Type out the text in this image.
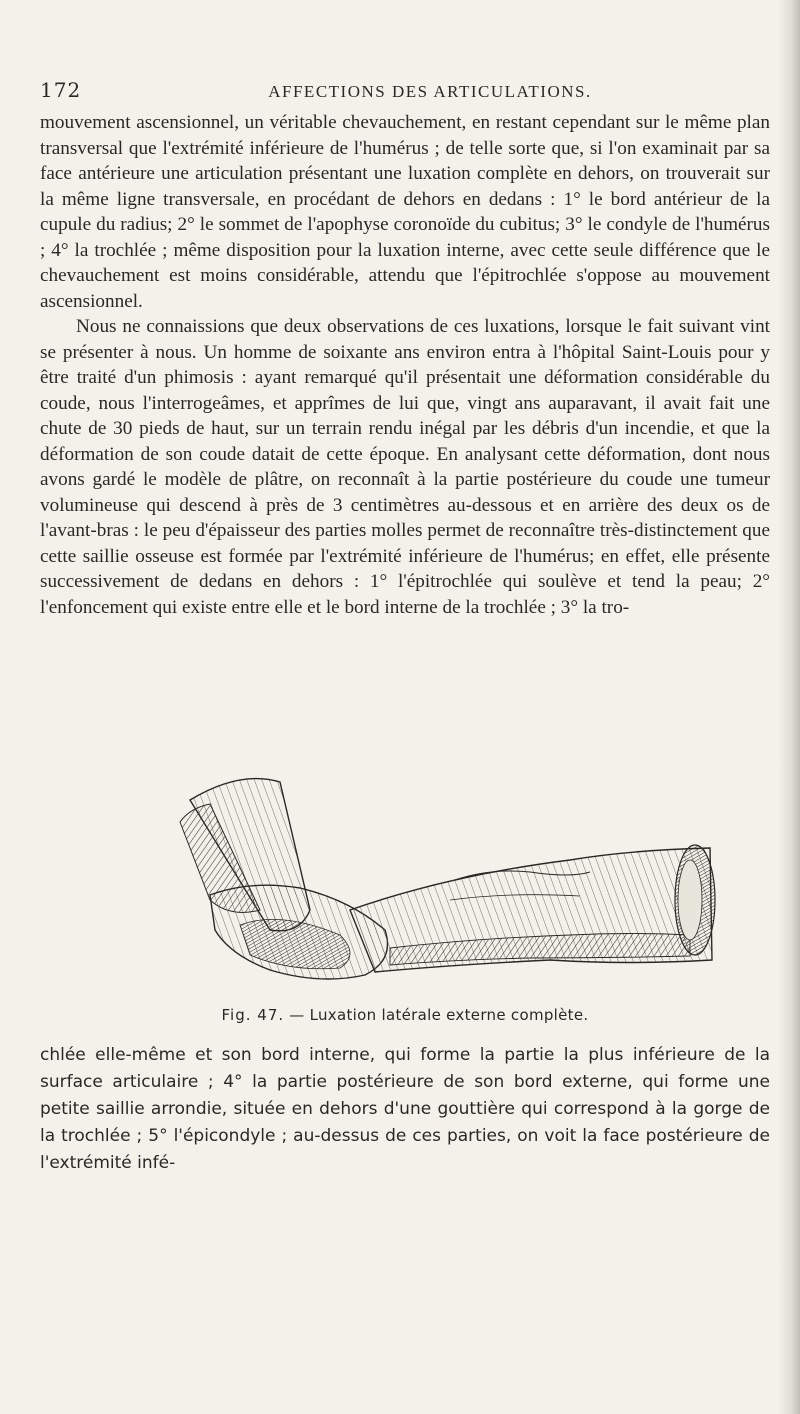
172	AFFECTIONS DES ARTICULATIONS.

mouvement ascensionnel, un véritable chevauchement, en restant cependant sur le même plan transversal que l'extrémité inférieure de l'humérus ; de telle sorte que, si l'on examinait par sa face antérieure une articulation présentant une luxation complète en dehors, on trouverait sur la même ligne transversale, en procédant de dehors en dedans : 1° le bord antérieur de la cupule du radius; 2° le sommet de l'apophyse coronoïde du cubitus; 3° le condyle de l'humérus ; 4° la trochlée ; même disposition pour la luxation interne, avec cette seule différence que le chevauchement est moins considérable, attendu que l'épitrochlée s'oppose au mouvement ascensionnel.

Nous ne connaissions que deux observations de ces luxations, lorsque le fait suivant vint se présenter à nous. Un homme de soixante ans environ entra à l'hôpital Saint-Louis pour y être traité d'un phimosis : ayant remarqué qu'il présentait une déformation considérable du coude, nous l'interrogeâmes, et apprîmes de lui que, vingt ans auparavant, il avait fait une chute de 30 pieds de haut, sur un terrain rendu inégal par les débris d'un incendie, et que la déformation de son coude datait de cette époque. En analysant cette déformation, dont nous avons gardé le modèle de plâtre, on reconnaît à la partie postérieure du coude une tumeur volumineuse qui descend à près de 3 centimètres au-dessous et en arrière des deux os de l'avant-bras : le peu d'épaisseur des parties molles permet de reconnaître très-distinctement que cette saillie osseuse est formée par l'extrémité inférieure de l'humérus; en effet, elle présente successivement de dedans en dehors : 1° l'épitrochlée qui soulève et tend la peau; 2° l'enfoncement qui existe entre elle et le bord interne de la trochlée ; 3° la tro-

Fig. 47. — Luxation latérale externe complète.

chlée elle-même et son bord interne, qui forme la partie la plus inférieure de la surface articulaire ; 4° la partie postérieure de son bord externe, qui forme une petite saillie arrondie, située en dehors d'une gouttière qui correspond à la gorge de la trochlée ; 5° l'épicondyle ; au-dessus de ces parties, on voit la face postérieure de l'extrémité infé-
